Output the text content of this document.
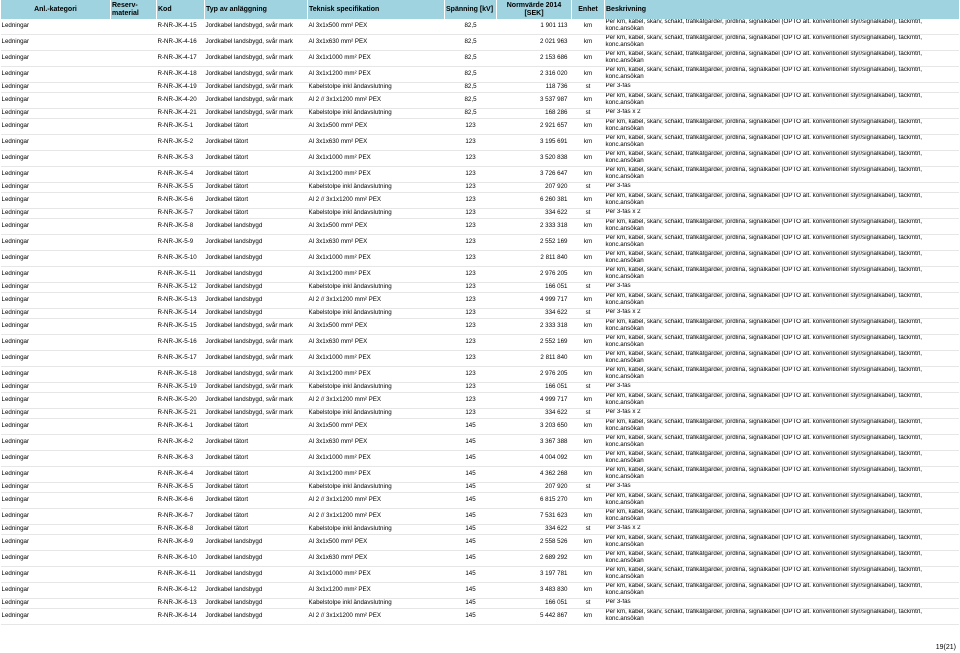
Anl.-kategori	Reserv-material	Kod	Typ av anläggning	Teknisk specifikation	Spänning [kV]	Normvärde 2014 [SEK]	Enhet	Beskrivning
Ledningar		R-NR-JK-4-15	Jordkabel landsbygd, svår mark	Al 3x1x500 mm² PEX	82,5	1 901 113	km	Per km, kabel, skarv, schakt, trafikåtgärder, jordlina, signalkabel (OPTO alt. konventionell styr/signalkabel), täckmtrl, konc.ansökan
Ledningar		R-NR-JK-4-16	Jordkabel landsbygd, svår mark	Al 3x1x630 mm² PEX	82,5	2 021 963	km	Per km, kabel, skarv, schakt, trafikåtgärder, jordlina, signalkabel (OPTO alt. konventionell styr/signalkabel), täckmtrl, konc.ansökan
Ledningar		R-NR-JK-4-17	Jordkabel landsbygd, svår mark	Al 3x1x1000 mm² PEX	82,5	2 153 686	km	Per km, kabel, skarv, schakt, trafikåtgärder, jordlina, signalkabel (OPTO alt. konventionell styr/signalkabel), täckmtrl, konc.ansökan
Ledningar		R-NR-JK-4-18	Jordkabel landsbygd, svår mark	Al 3x1x1200 mm² PEX	82,5	2 316 020	km	Per km, kabel, skarv, schakt, trafikåtgärder, jordlina, signalkabel (OPTO alt. konventionell styr/signalkabel), täckmtrl, konc.ansökan
Ledningar		R-NR-JK-4-19	Jordkabel landsbygd, svår mark	Kabelstolpe inkl ändavslutning	82,5	118 736	st	Per 3-fas
Ledningar		R-NR-JK-4-20	Jordkabel landsbygd, svår mark	Al 2 // 3x1x1200 mm² PEX	82,5	3 537 987	km	Per km, kabel, skarv, schakt, trafikåtgärder, jordlina, signalkabel (OPTO alt. konventionell styr/signalkabel), täckmtrl, konc.ansökan
Ledningar		R-NR-JK-4-21	Jordkabel landsbygd, svår mark	Kabelstolpe inkl ändavslutning	82,5	168 286	st	Per 3-fas x 2
Ledningar		R-NR-JK-5-1	Jordkabel tätort	Al 3x1x500 mm² PEX	123	2 921 657	km	Per km, kabel, skarv, schakt, trafikåtgärder, jordlina, signalkabel (OPTO alt. konventionell styr/signalkabel), täckmtrl, konc.ansökan
Ledningar		R-NR-JK-5-2	Jordkabel tätort	Al 3x1x630 mm² PEX	123	3 195 691	km	Per km, kabel, skarv, schakt, trafikåtgärder, jordlina, signalkabel (OPTO alt. konventionell styr/signalkabel), täckmtrl, konc.ansökan
Ledningar		R-NR-JK-5-3	Jordkabel tätort	Al 3x1x1000 mm² PEX	123	3 520 838	km	Per km, kabel, skarv, schakt, trafikåtgärder, jordlina, signalkabel (OPTO alt. konventionell styr/signalkabel), täckmtrl, konc.ansökan
Ledningar		R-NR-JK-5-4	Jordkabel tätort	Al 3x1x1200 mm² PEX	123	3 726 647	km	Per km, kabel, skarv, schakt, trafikåtgärder, jordlina, signalkabel (OPTO alt. konventionell styr/signalkabel), täckmtrl, konc.ansökan
Ledningar		R-NR-JK-5-5	Jordkabel tätort	Kabelstolpe inkl ändavslutning	123	207 920	st	Per 3-fas
Ledningar		R-NR-JK-5-6	Jordkabel tätort	Al 2 // 3x1x1200 mm² PEX	123	6 260 381	km	Per km, kabel, skarv, schakt, trafikåtgärder, jordlina, signalkabel (OPTO alt. konventionell styr/signalkabel), täckmtrl, konc.ansökan
Ledningar		R-NR-JK-5-7	Jordkabel tätort	Kabelstolpe inkl ändavslutning	123	334 622	st	Per 3-fas x 2
Ledningar		R-NR-JK-5-8	Jordkabel landsbygd	Al 3x1x500 mm² PEX	123	2 333 318	km	Per km, kabel, skarv, schakt, trafikåtgärder, jordlina, signalkabel (OPTO alt. konventionell styr/signalkabel), täckmtrl, konc.ansökan
Ledningar		R-NR-JK-5-9	Jordkabel landsbygd	Al 3x1x630 mm² PEX	123	2 552 169	km	Per km, kabel, skarv, schakt, trafikåtgärder, jordlina, signalkabel (OPTO alt. konventionell styr/signalkabel), täckmtrl, konc.ansökan
Ledningar		R-NR-JK-5-10	Jordkabel landsbygd	Al 3x1x1000 mm² PEX	123	2 811 840	km	Per km, kabel, skarv, schakt, trafikåtgärder, jordlina, signalkabel (OPTO alt. konventionell styr/signalkabel), täckmtrl, konc.ansökan
Ledningar		R-NR-JK-5-11	Jordkabel landsbygd	Al 3x1x1200 mm² PEX	123	2 976 205	km	Per km, kabel, skarv, schakt, trafikåtgärder, jordlina, signalkabel (OPTO alt. konventionell styr/signalkabel), täckmtrl, konc.ansökan
Ledningar		R-NR-JK-5-12	Jordkabel landsbygd	Kabelstolpe inkl ändavslutning	123	166 051	st	Per 3-fas
Ledningar		R-NR-JK-5-13	Jordkabel landsbygd	Al 2 // 3x1x1200 mm² PEX	123	4 999 717	km	Per km, kabel, skarv, schakt, trafikåtgärder, jordlina, signalkabel (OPTO alt. konventionell styr/signalkabel), täckmtrl, konc.ansökan
Ledningar		R-NR-JK-5-14	Jordkabel landsbygd	Kabelstolpe inkl ändavslutning	123	334 622	st	Per 3-fas x 2
Ledningar		R-NR-JK-5-15	Jordkabel landsbygd, svår mark	Al 3x1x500 mm² PEX	123	2 333 318	km	Per km, kabel, skarv, schakt, trafikåtgärder, jordlina, signalkabel (OPTO alt. konventionell styr/signalkabel), täckmtrl, konc.ansökan
Ledningar		R-NR-JK-5-16	Jordkabel landsbygd, svår mark	Al 3x1x630 mm² PEX	123	2 552 169	km	Per km, kabel, skarv, schakt, trafikåtgärder, jordlina, signalkabel (OPTO alt. konventionell styr/signalkabel), täckmtrl, konc.ansökan
Ledningar		R-NR-JK-5-17	Jordkabel landsbygd, svår mark	Al 3x1x1000 mm² PEX	123	2 811 840	km	Per km, kabel, skarv, schakt, trafikåtgärder, jordlina, signalkabel (OPTO alt. konventionell styr/signalkabel), täckmtrl, konc.ansökan
Ledningar		R-NR-JK-5-18	Jordkabel landsbygd, svår mark	Al 3x1x1200 mm² PEX	123	2 976 205	km	Per km, kabel, skarv, schakt, trafikåtgärder, jordlina, signalkabel (OPTO alt. konventionell styr/signalkabel), täckmtrl, konc.ansökan
Ledningar		R-NR-JK-5-19	Jordkabel landsbygd, svår mark	Kabelstolpe inkl ändavslutning	123	166 051	st	Per 3-fas
Ledningar		R-NR-JK-5-20	Jordkabel landsbygd, svår mark	Al 2 // 3x1x1200 mm² PEX	123	4 999 717	km	Per km, kabel, skarv, schakt, trafikåtgärder, jordlina, signalkabel (OPTO alt. konventionell styr/signalkabel), täckmtrl, konc.ansökan
Ledningar		R-NR-JK-5-21	Jordkabel landsbygd, svår mark	Kabelstolpe inkl ändavslutning	123	334 622	st	Per 3-fas x 2
Ledningar		R-NR-JK-6-1	Jordkabel tätort	Al 3x1x500 mm² PEX	145	3 203 650	km	Per km, kabel, skarv, schakt, trafikåtgärder, jordlina, signalkabel (OPTO alt. konventionell styr/signalkabel), täckmtrl, konc.ansökan
Ledningar		R-NR-JK-6-2	Jordkabel tätort	Al 3x1x630 mm² PEX	145	3 367 388	km	Per km, kabel, skarv, schakt, trafikåtgärder, jordlina, signalkabel (OPTO alt. konventionell styr/signalkabel), täckmtrl, konc.ansökan
Ledningar		R-NR-JK-6-3	Jordkabel tätort	Al 3x1x1000 mm² PEX	145	4 004 092	km	Per km, kabel, skarv, schakt, trafikåtgärder, jordlina, signalkabel (OPTO alt. konventionell styr/signalkabel), täckmtrl, konc.ansökan
Ledningar		R-NR-JK-6-4	Jordkabel tätort	Al 3x1x1200 mm² PEX	145	4 362 268	km	Per km, kabel, skarv, schakt, trafikåtgärder, jordlina, signalkabel (OPTO alt. konventionell styr/signalkabel), täckmtrl, konc.ansökan
Ledningar		R-NR-JK-6-5	Jordkabel tätort	Kabelstolpe inkl ändavslutning	145	207 920	st	Per 3-fas
Ledningar		R-NR-JK-6-6	Jordkabel tätort	Al 2 // 3x1x1200 mm² PEX	145	6 815 270	km	Per km, kabel, skarv, schakt, trafikåtgärder, jordlina, signalkabel (OPTO alt. konventionell styr/signalkabel), täckmtrl, konc.ansökan
Ledningar		R-NR-JK-6-7	Jordkabel tätort	Al 2 // 3x1x1200 mm² PEX	145	7 531 623	km	Per km, kabel, skarv, schakt, trafikåtgärder, jordlina, signalkabel (OPTO alt. konventionell styr/signalkabel), täckmtrl, konc.ansökan
Ledningar		R-NR-JK-6-8	Jordkabel tätort	Kabelstolpe inkl ändavslutning	145	334 622	st	Per 3-fas x 2
Ledningar		R-NR-JK-6-9	Jordkabel landsbygd	Al 3x1x500 mm² PEX	145	2 558 526	km	Per km, kabel, skarv, schakt, trafikåtgärder, jordlina, signalkabel (OPTO alt. konventionell styr/signalkabel), täckmtrl, konc.ansökan
Ledningar		R-NR-JK-6-10	Jordkabel landsbygd	Al 3x1x630 mm² PEX	145	2 689 292	km	Per km, kabel, skarv, schakt, trafikåtgärder, jordlina, signalkabel (OPTO alt. konventionell styr/signalkabel), täckmtrl, konc.ansökan
Ledningar		R-NR-JK-6-11	Jordkabel landsbygd	Al 3x1x1000 mm² PEX	145	3 197 781	km	Per km, kabel, skarv, schakt, trafikåtgärder, jordlina, signalkabel (OPTO alt. konventionell styr/signalkabel), täckmtrl, konc.ansökan
Ledningar		R-NR-JK-6-12	Jordkabel landsbygd	Al 3x1x1200 mm² PEX	145	3 483 830	km	Per km, kabel, skarv, schakt, trafikåtgärder, jordlina, signalkabel (OPTO alt. konventionell styr/signalkabel), täckmtrl, konc.ansökan
Ledningar		R-NR-JK-6-13	Jordkabel landsbygd	Kabelstolpe inkl ändavslutning	145	166 051	st	Per 3-fas
Ledningar		R-NR-JK-6-14	Jordkabel landsbygd	Al 2 // 3x1x1200 mm² PEX	145	5 442 867	km	Per km, kabel, skarv, schakt, trafikåtgärder, jordlina, signalkabel (OPTO alt. konventionell styr/signalkabel), täckmtrl, konc.ansökan
19(21)
